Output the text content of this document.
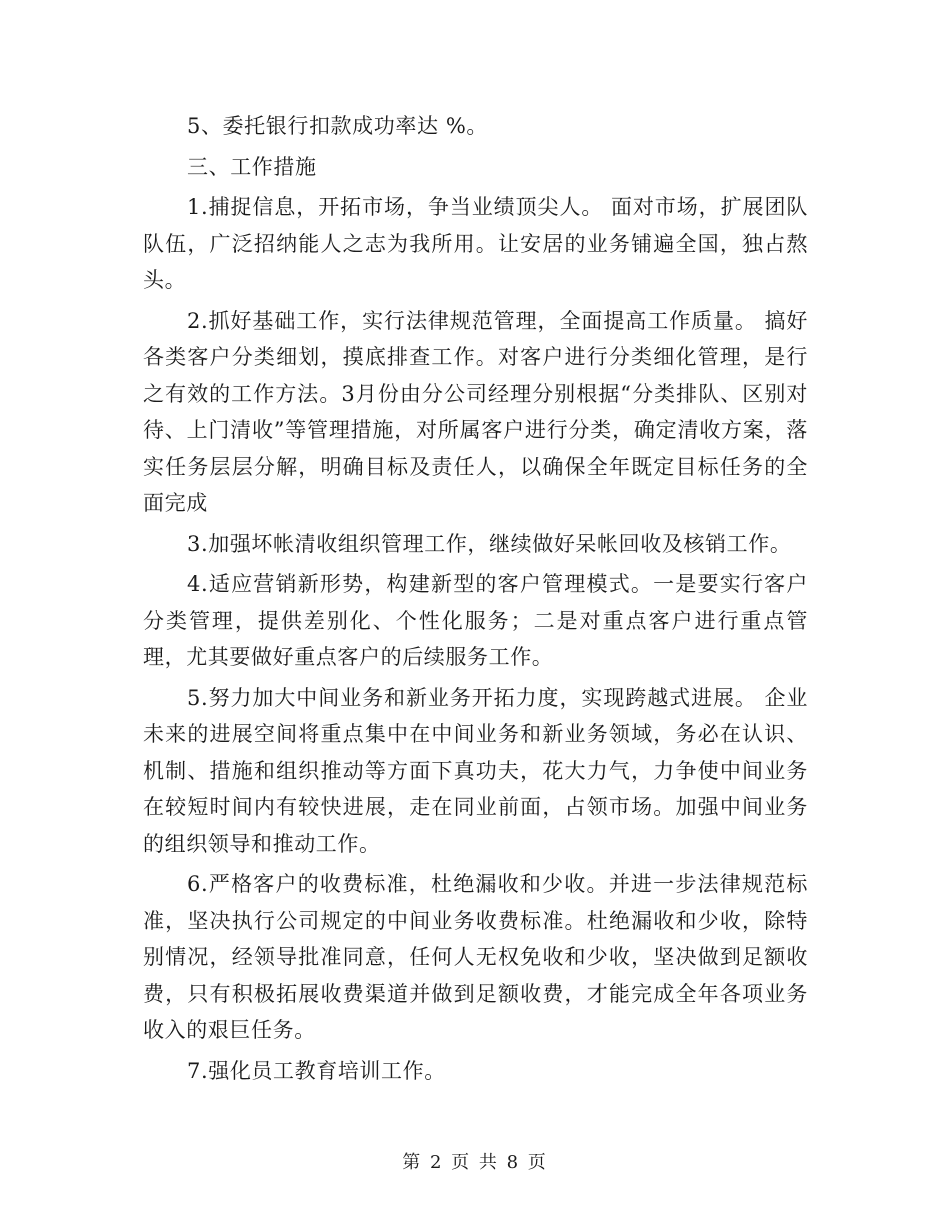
5、委托银行扣款成功率达 %。

三、工作措施

1.捕捉信息，开拓市场，争当业绩顶尖人。 面对市场，扩展团队队伍，广泛招纳能人之志为我所用。让安居的业务铺遍全国，独占熬头。

2.抓好基础工作，实行法律规范管理，全面提高工作质量。 搞好各类客户分类细划，摸底排查工作。对客户进行分类细化管理，是行之有效的工作方法。3月份由分公司经理分别根据“分类排队、区别对待、上门清收”等管理措施，对所属客户进行分类，确定清收方案，落实任务层层分解，明确目标及责任人，以确保全年既定目标任务的全面完成

3.加强坏帐清收组织管理工作，继续做好呆帐回收及核销工作。

4.适应营销新形势，构建新型的客户管理模式。一是要实行客户分类管理，提供差别化、个性化服务；二是对重点客户进行重点管理，尤其要做好重点客户的后续服务工作。

5.努力加大中间业务和新业务开拓力度，实现跨越式进展。 企业未来的进展空间将重点集中在中间业务和新业务领域，务必在认识、机制、措施和组织推动等方面下真功夫，花大力气，力争使中间业务在较短时间内有较快进展，走在同业前面，占领市场。加强中间业务的组织领导和推动工作。

6.严格客户的收费标准，杜绝漏收和少收。并进一步法律规范标准，坚决执行公司规定的中间业务收费标准。杜绝漏收和少收，除特别情况，经领导批准同意，任何人无权免收和少收，坚决做到足额收费，只有积极拓展收费渠道并做到足额收费，才能完成全年各项业务收入的艰巨任务。

7.强化员工教育培训工作。

第 2 页 共 8 页
